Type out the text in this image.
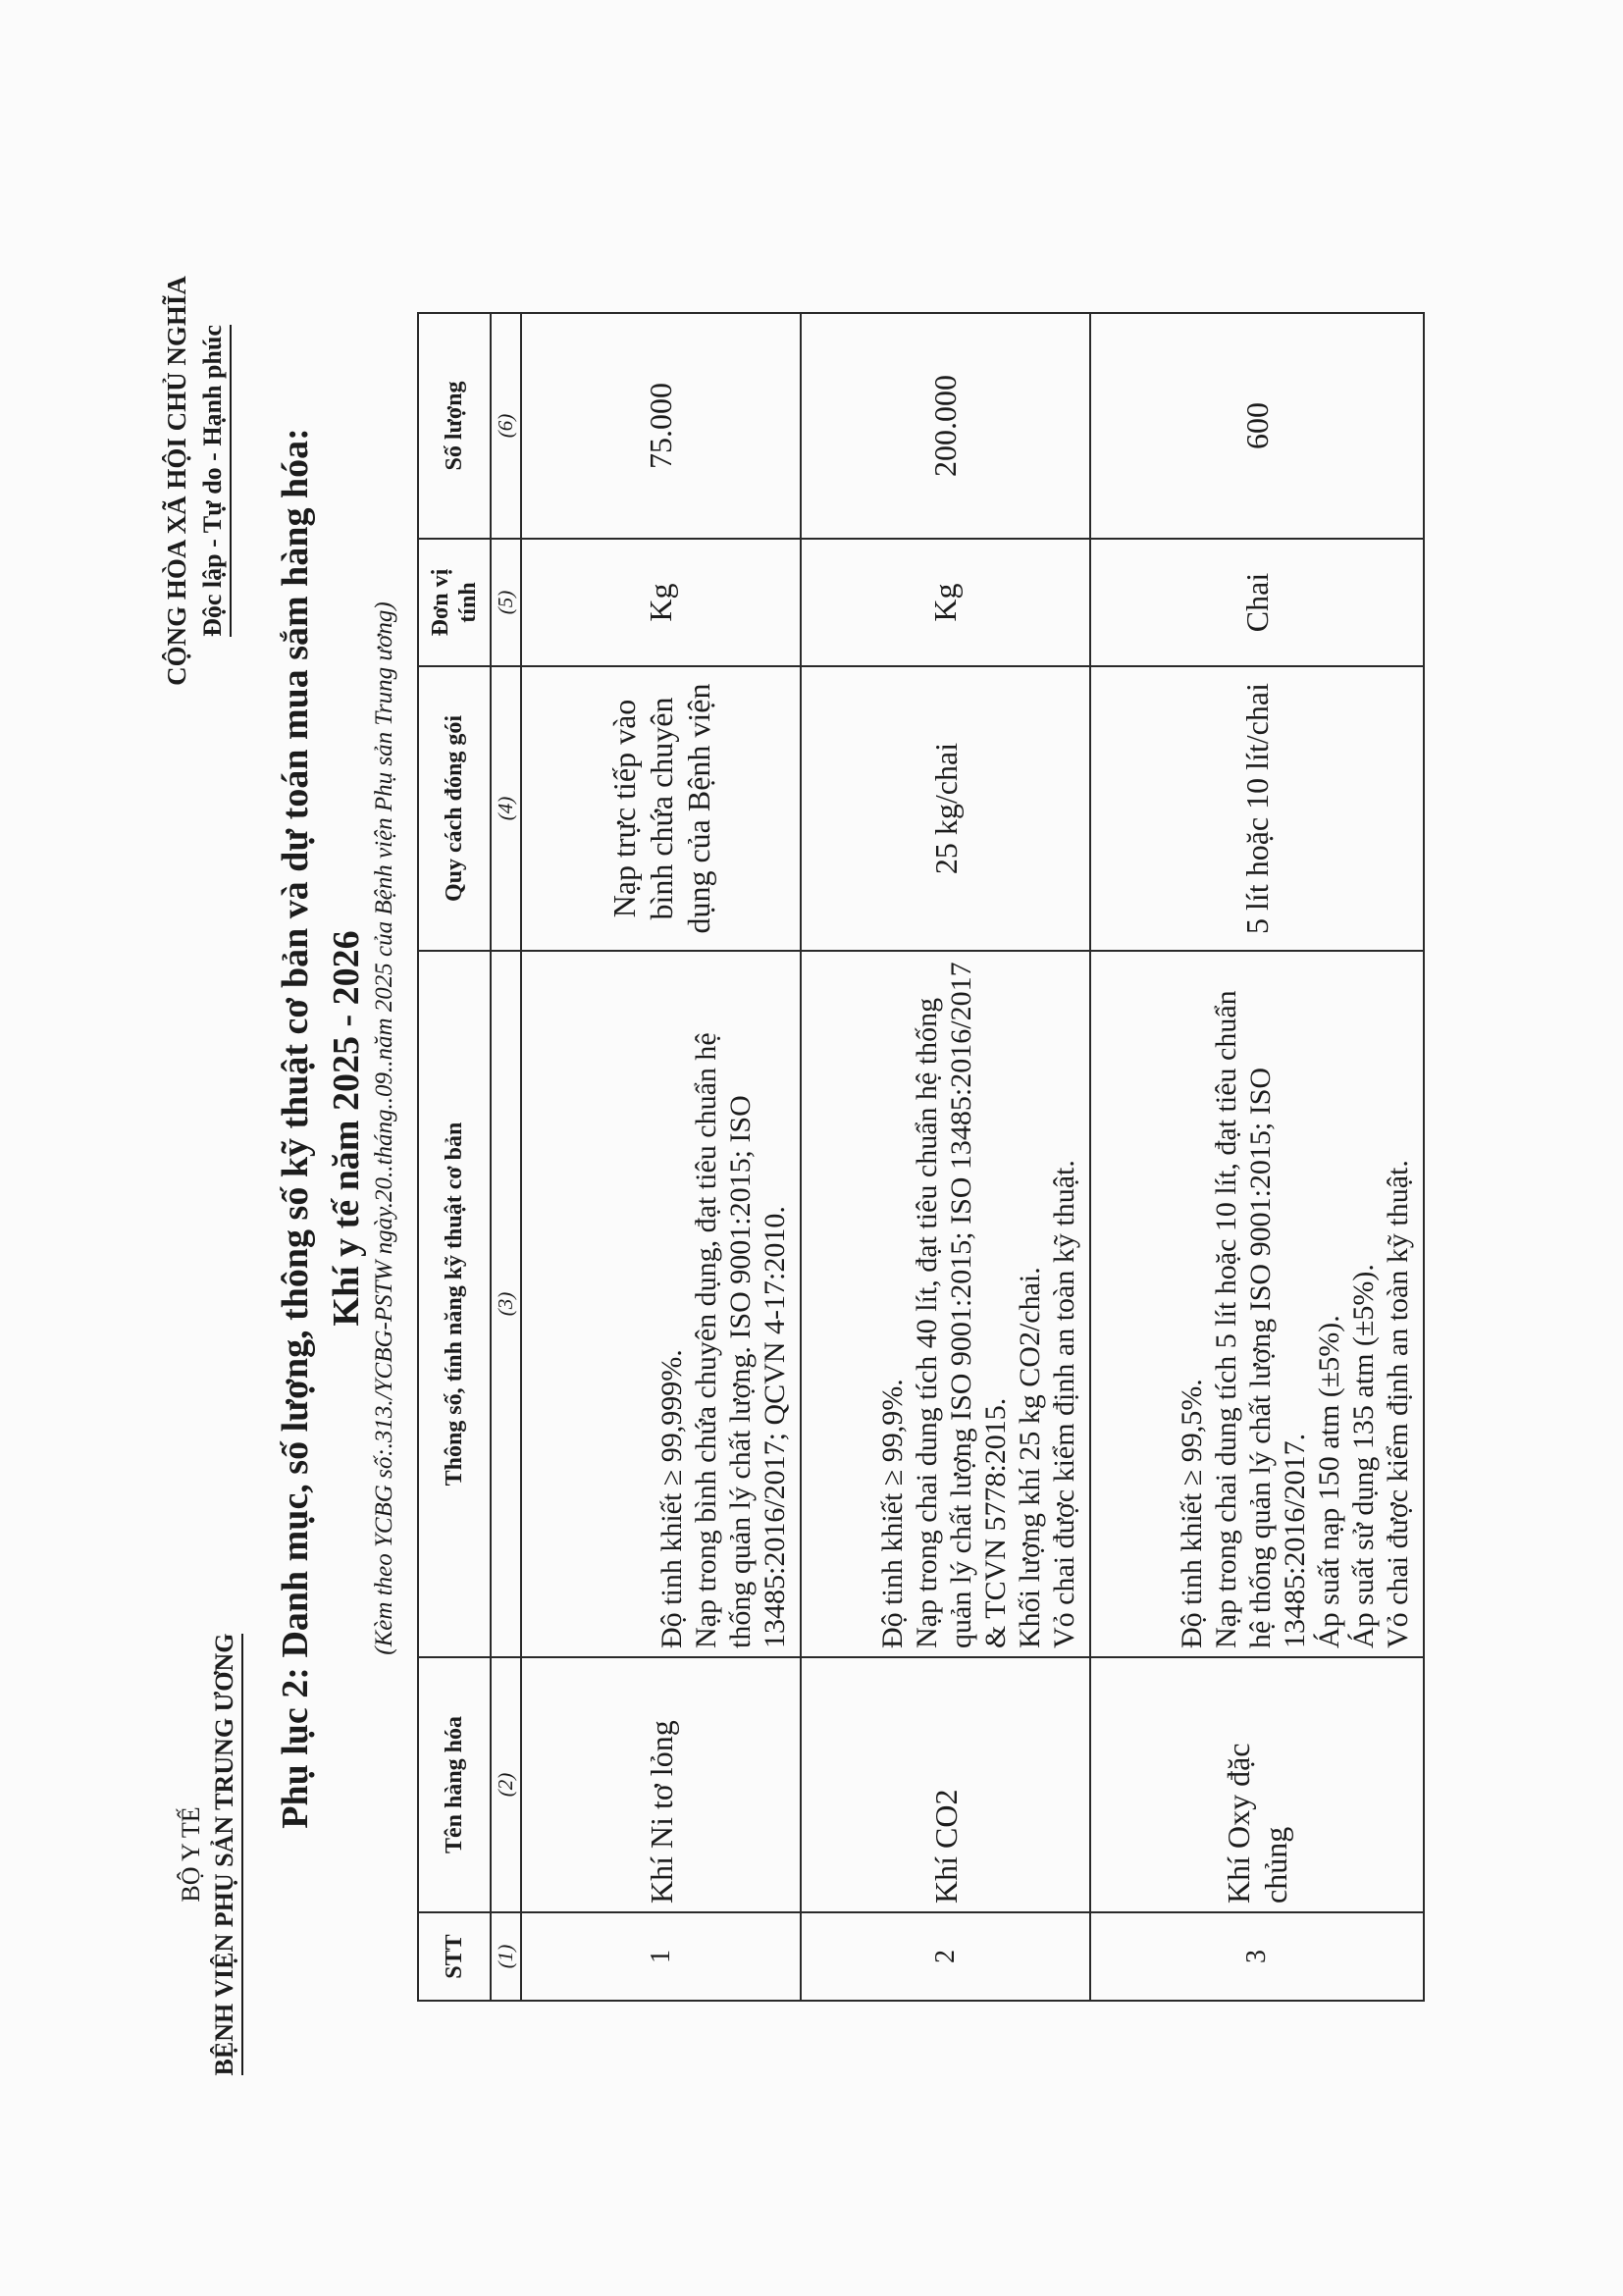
BỘ Y TẾ BỆNH VIỆN PHỤ SẢN TRUNG ƯƠNG
CỘNG HÒA XÃ HỘI CHỦ NGHĨA Độc lập - Tự do - Hạnh phúc Phụ lục 2: Danh mục, số lượng, thông số kỹ thuật cơ bản và dự toán mua sắm hàng hóa: Khí y tế năm 2025 - 2026 (Kèm theo YCBG số:.313./YCBG-PSTW ngày.20..tháng..09..năm 2025 của Bệnh viện Phụ sản Trung ương)
STT	Tên hàng hóa	Thông số, tính năng kỹ thuật cơ bản	Quy cách đóng gói	Đơn vị tính	Số lượng
(1)	(2)	(3)	(4)	(5)	(6)
1	Khí Ni tơ lỏng	Độ tinh khiết ≥ 99,999%. Nạp trong bình chứa chuyên dụng, đạt tiêu chuẩn hệ thống quản lý chất lượng. ISO 9001:2015; ISO 13485:2016/2017; QCVN 4-17:2010.	Nạp trực tiếp vào bình chứa chuyên dụng của Bệnh viện	Kg	75.000
2	Khí CO2	Độ tinh khiết ≥ 99,9%. Nạp trong chai dung tích 40 lít, đạt tiêu chuẩn hệ thống quản lý chất lượng ISO 9001:2015; ISO 13485:2016/2017 & TCVN 5778:2015. Khối lượng khí 25 kg CO2/chai. Vỏ chai được kiểm định an toàn kỹ thuật.	25 kg/chai	Kg	200.000
3	Khí Oxy đặc chủng	Độ tinh khiết ≥ 99,5%. Nạp trong chai dung tích 5 lít hoặc 10 lít, đạt tiêu chuẩn hệ thống quản lý chất lượng ISO 9001:2015; ISO 13485:2016/2017. Áp suất nạp 150 atm (±5%). Áp suất sử dụng 135 atm (±5%). Vỏ chai được kiểm định an toàn kỹ thuật.	5 lít hoặc 10 lít/chai	Chai	600
